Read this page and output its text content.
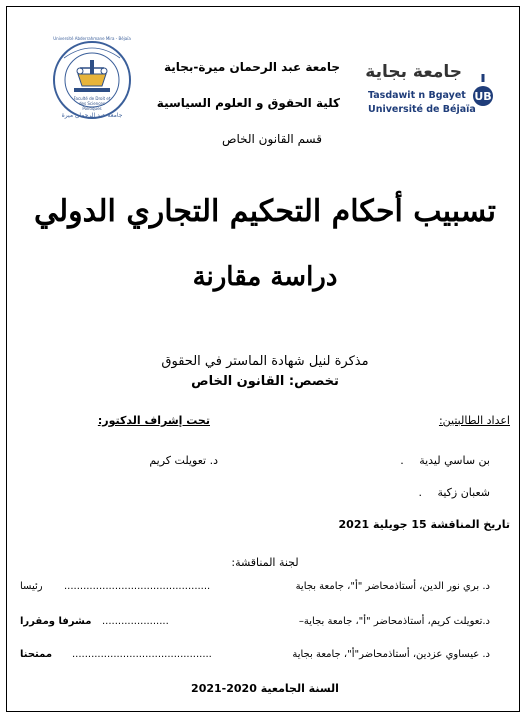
Université Abderrahmane Mira - Béjaïa
Faculté de Droit et des Sciences Politiques
جامعة عبد الرحمان ميرة
جامعة عبد الرحمان ميرة-بجاية
كلية الحقوق و العلوم السياسية
قسم القانون الخاص
جامعة بجاية
Tasdawit n Bgayet
Université de Béjaïa
UB
تسبيب أحكام التحكيم التجاري الدولي
دراسة مقارنة
مذكرة لنيل شهادة الماستر في الحقوق
تخصص: القانون الخاص
اعداد الطالبتين:
تحت إشراف الدكتور:
بن ساسي ليدية .
د. تعويلت كريم
شعبان زكية .
تاريخ المناقشة 15 جويلية 2021
لجنة المناقشة:
د. بري نور الدين، أستاذمحاضر "أ"، جامعة بجاية
..............................................
رئيسا
د.تعويلت كريم، أستاذمحاضر "أ"، جامعة بجاية–
.....................
مشرفا ومقررا
د. عيساوي عزدين، أستاذمحاضر"أ"، جامعة بجاية
............................................
ممتحنا
السنة الجامعية 2020-2021
